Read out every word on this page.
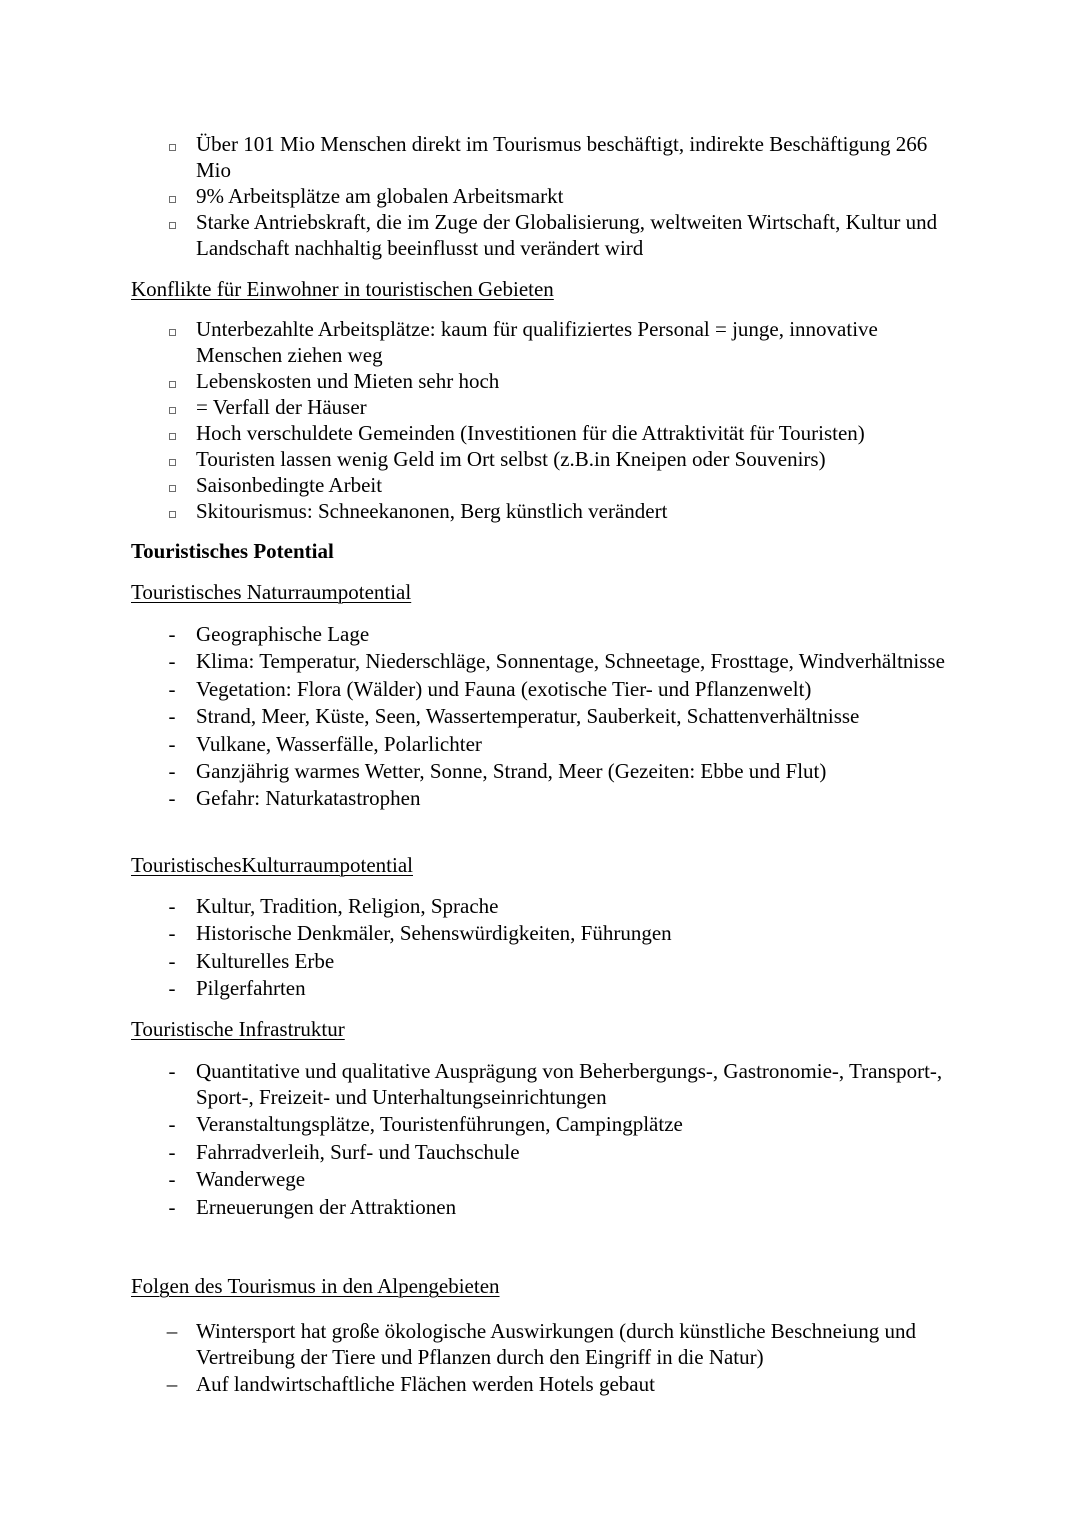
Über 101 Mio Menschen direkt im Tourismus beschäftigt, indirekte Beschäftigung 266 Mio
9% Arbeitsplätze am globalen Arbeitsmarkt
Starke Antriebskraft, die im Zuge der Globalisierung, weltweiten Wirtschaft, Kultur und Landschaft nachhaltig beeinflusst und verändert wird
Konflikte für Einwohner in touristischen Gebieten
Unterbezahlte Arbeitsplätze: kaum für qualifiziertes Personal = junge, innovative Menschen ziehen weg
Lebenskosten und Mieten sehr hoch
= Verfall der Häuser
Hoch verschuldete Gemeinden (Investitionen für die Attraktivität für Touristen)
Touristen lassen wenig Geld im Ort selbst (z.B.in Kneipen oder Souvenirs)
Saisonbedingte Arbeit
Skitourismus: Schneekanonen, Berg künstlich verändert
Touristisches Potential
Touristisches Naturraumpotential
-
Geographische Lage
-
Klima: Temperatur, Niederschläge, Sonnentage, Schneetage, Frosttage, Windverhältnisse
-
Vegetation: Flora (Wälder) und Fauna (exotische Tier- und Pflanzenwelt)
-
Strand, Meer, Küste, Seen, Wassertemperatur, Sauberkeit, Schattenverhältnisse
-
Vulkane, Wasserfälle, Polarlichter
-
Ganzjährig warmes Wetter, Sonne, Strand, Meer (Gezeiten: Ebbe und Flut)
-
Gefahr: Naturkatastrophen
TouristischesKulturraumpotential
-
Kultur, Tradition, Religion, Sprache
-
Historische Denkmäler, Sehenswürdigkeiten, Führungen
-
Kulturelles Erbe
-
Pilgerfahrten
Touristische Infrastruktur
-
Quantitative und qualitative Ausprägung von Beherbergungs-, Gastronomie-, Transport-, Sport-, Freizeit- und Unterhaltungseinrichtungen
-
Veranstaltungsplätze, Touristenführungen, Campingplätze
-
Fahrradverleih, Surf- und Tauchschule
-
Wanderwege
-
Erneuerungen der Attraktionen
Folgen des Tourismus in den Alpengebieten
–
Wintersport hat große ökologische Auswirkungen (durch künstliche Beschneiung und Vertreibung der Tiere und Pflanzen durch den Eingriff in die Natur)
–
Auf landwirtschaftliche Flächen werden Hotels gebaut
